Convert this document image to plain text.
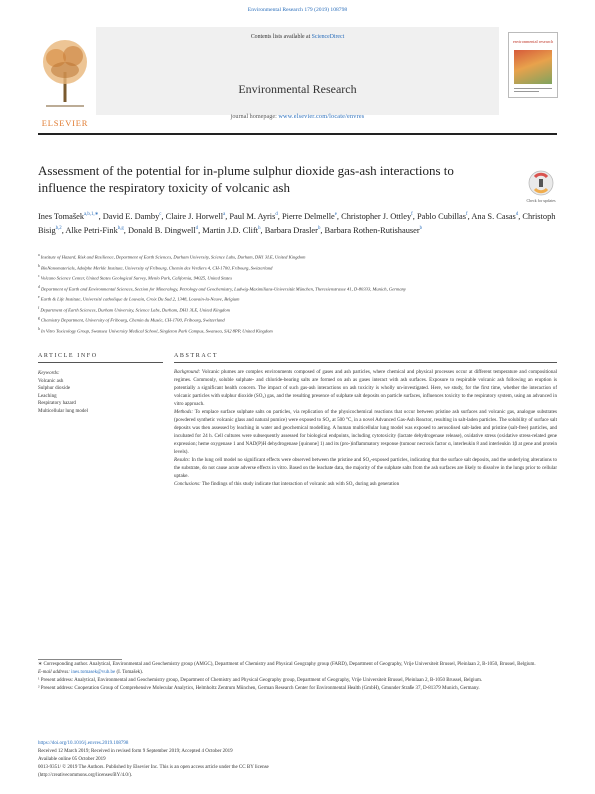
Environmental Research 179 (2019) 108798
Contents lists available at ScienceDirect
Environmental Research
journal homepage: www.elsevier.com/locate/envres
ELSEVIER
environmental research
Assessment of the potential for in-plume sulphur dioxide gas-ash interactions to influence the respiratory toxicity of volcanic ash
Check for updates
Ines Tomašek$^{a,b,1,∗}$, David E. Damby$^c$, Claire J. Horwell$^a$, Paul M. Ayris$^d$, Pierre Delmelle$^e$, Christopher J. Ottley$^f$, Pablo Cubillas$^f$, Ana S. Casas$^d$, Christoph Bisig$^{b,2}$, Alke Petri-Fink$^{b,g}$, Donald B. Dingwell$^d$, Martin J.D. Clift$^h$, Barbara Drasler$^b$, Barbara Rothen-Rutishauser$^b$
$^a$ Institute of Hazard, Risk and Resilience, Department of Earth Sciences, Durham University, Science Labs, Durham, DH1 3LE, United Kingdom
$^b$ BioNanomaterials, Adolphe Merkle Institute, University of Fribourg, Chemin des Verdiers 4, CH-1700, Fribourg, Switzerland
$^c$ Volcano Science Center, United States Geological Survey, Menlo Park, California, 94025, United States
$^d$ Department of Earth and Environmental Sciences, Section for Mineralogy, Petrology and Geochemistry, Ludwig-Maximilians-Universität München, Theresienstrasse 41, D-80333, Munich, Germany
$^e$ Earth & Life Institute, Université catholique de Louvain, Croix Du Sud 2, 1348, Louvain-la-Neuve, Belgium
$^f$ Department of Earth Sciences, Durham University, Science Labs, Durham, DH1 3LE, United Kingdom
$^g$ Chemistry Department, University of Fribourg, Chemin du Musée, CH-1700, Fribourg, Switzerland
$^h$ In Vitro Toxicology Group, Swansea University Medical School, Singleton Park Campus, Swansea, SA2 8PP, United Kingdom
ARTICLE INFO	ABSTRACT
Keywords:
Volcanic ash
Sulphur dioxide
Leaching
Respiratory hazard
Multicellular lung model

Background: Volcanic plumes are complex environments composed of gases and ash particles, where chemical and physical processes occur at different temperature and compositional regimes. Commonly, soluble sulphate- and chloride-bearing salts are formed on ash as gases interact with ash surfaces. Exposure to respirable volcanic ash following an eruption is potentially a significant health concern. The impact of such gas-ash interactions on ash toxicity is wholly un-investigated. Here, we study, for the first time, whether the interaction of volcanic particles with sulphur dioxide (SO₂) gas, and the resulting presence of sulphate salt deposits on particle surfaces, influences toxicity to the respiratory system, using an advanced in vitro approach.

Methods: To emplace surface sulphate salts on particles, via replication of the physicochemical reactions that occur between pristine ash surfaces and volcanic gas, analogue substrates (powdered synthetic volcanic glass and natural pumice) were exposed to SO₂ at 500 °C, in a novel Advanced Gas-Ash Reactor, resulting in salt-laden particles. The solubility of surface salt deposits was then assessed by leaching in water and geochemical modelling. A human multicellular lung model was exposed to aerosolised salt-laden and pristine (salt-free) particles, and incubated for 24 h. Cell cultures were subsequently assessed for biological endpoints, including cytotoxicity (lactate dehydrogenase release), oxidative stress (oxidative stress-related gene expression; heme oxygenase 1 and NAD(P)H dehydrogenase [quinone] 1) and its (pro-)inflammatory response (tumour necrosis factor α, interleukin 8 and interleukin 1β at gene and protein levels).

Results: In the lung cell model no significant effects were observed between the pristine and SO₂-exposed particles, indicating that the surface salt deposits, and the underlying alterations to the substrate, do not cause acute adverse effects in vitro. Based on the leachate data, the majority of the sulphate salts from the ash surfaces are likely to dissolve in the lungs prior to cellular uptake.

Conclusions: The findings of this study indicate that interaction of volcanic ash with SO₂ during ash generation

∗ Corresponding author. Analytical, Environmental and Geochemistry group (AMGC), Department of Chemistry and Physical Geography group (FARD), Department of Geography, Vrije Universiteit Brussel, Pleinlaan 2, B-1050, Brussel, Belgium.

E-mail address: ines.tomasek@vub.be (I. Tomašek).

¹ Present address: Analytical, Environmental and Geochemistry group, Department of Chemistry and Physical Geography group, Department of Geography, Vrije Universiteit Brussel, Pleinlaan 2, B-1050 Brussel, Belgium.

² Present address: Cooperation Group of Comprehensive Molecular Analytics, Helmholtz Zentrum München, German Research Center for Environmental Health (GmbH), Gmunder Straße 37, D-81379 Munich, Germany.

https://doi.org/10.1016/j.envres.2019.108798

Received 12 March 2019; Received in revised form 9 September 2019; Accepted 4 October 2019

Available online 05 October 2019

0013-9351/ © 2019 The Authors. Published by Elsevier Inc. This is an open access article under the CC BY license

(http://creativecommons.org/licenses/BY/4.0/).
